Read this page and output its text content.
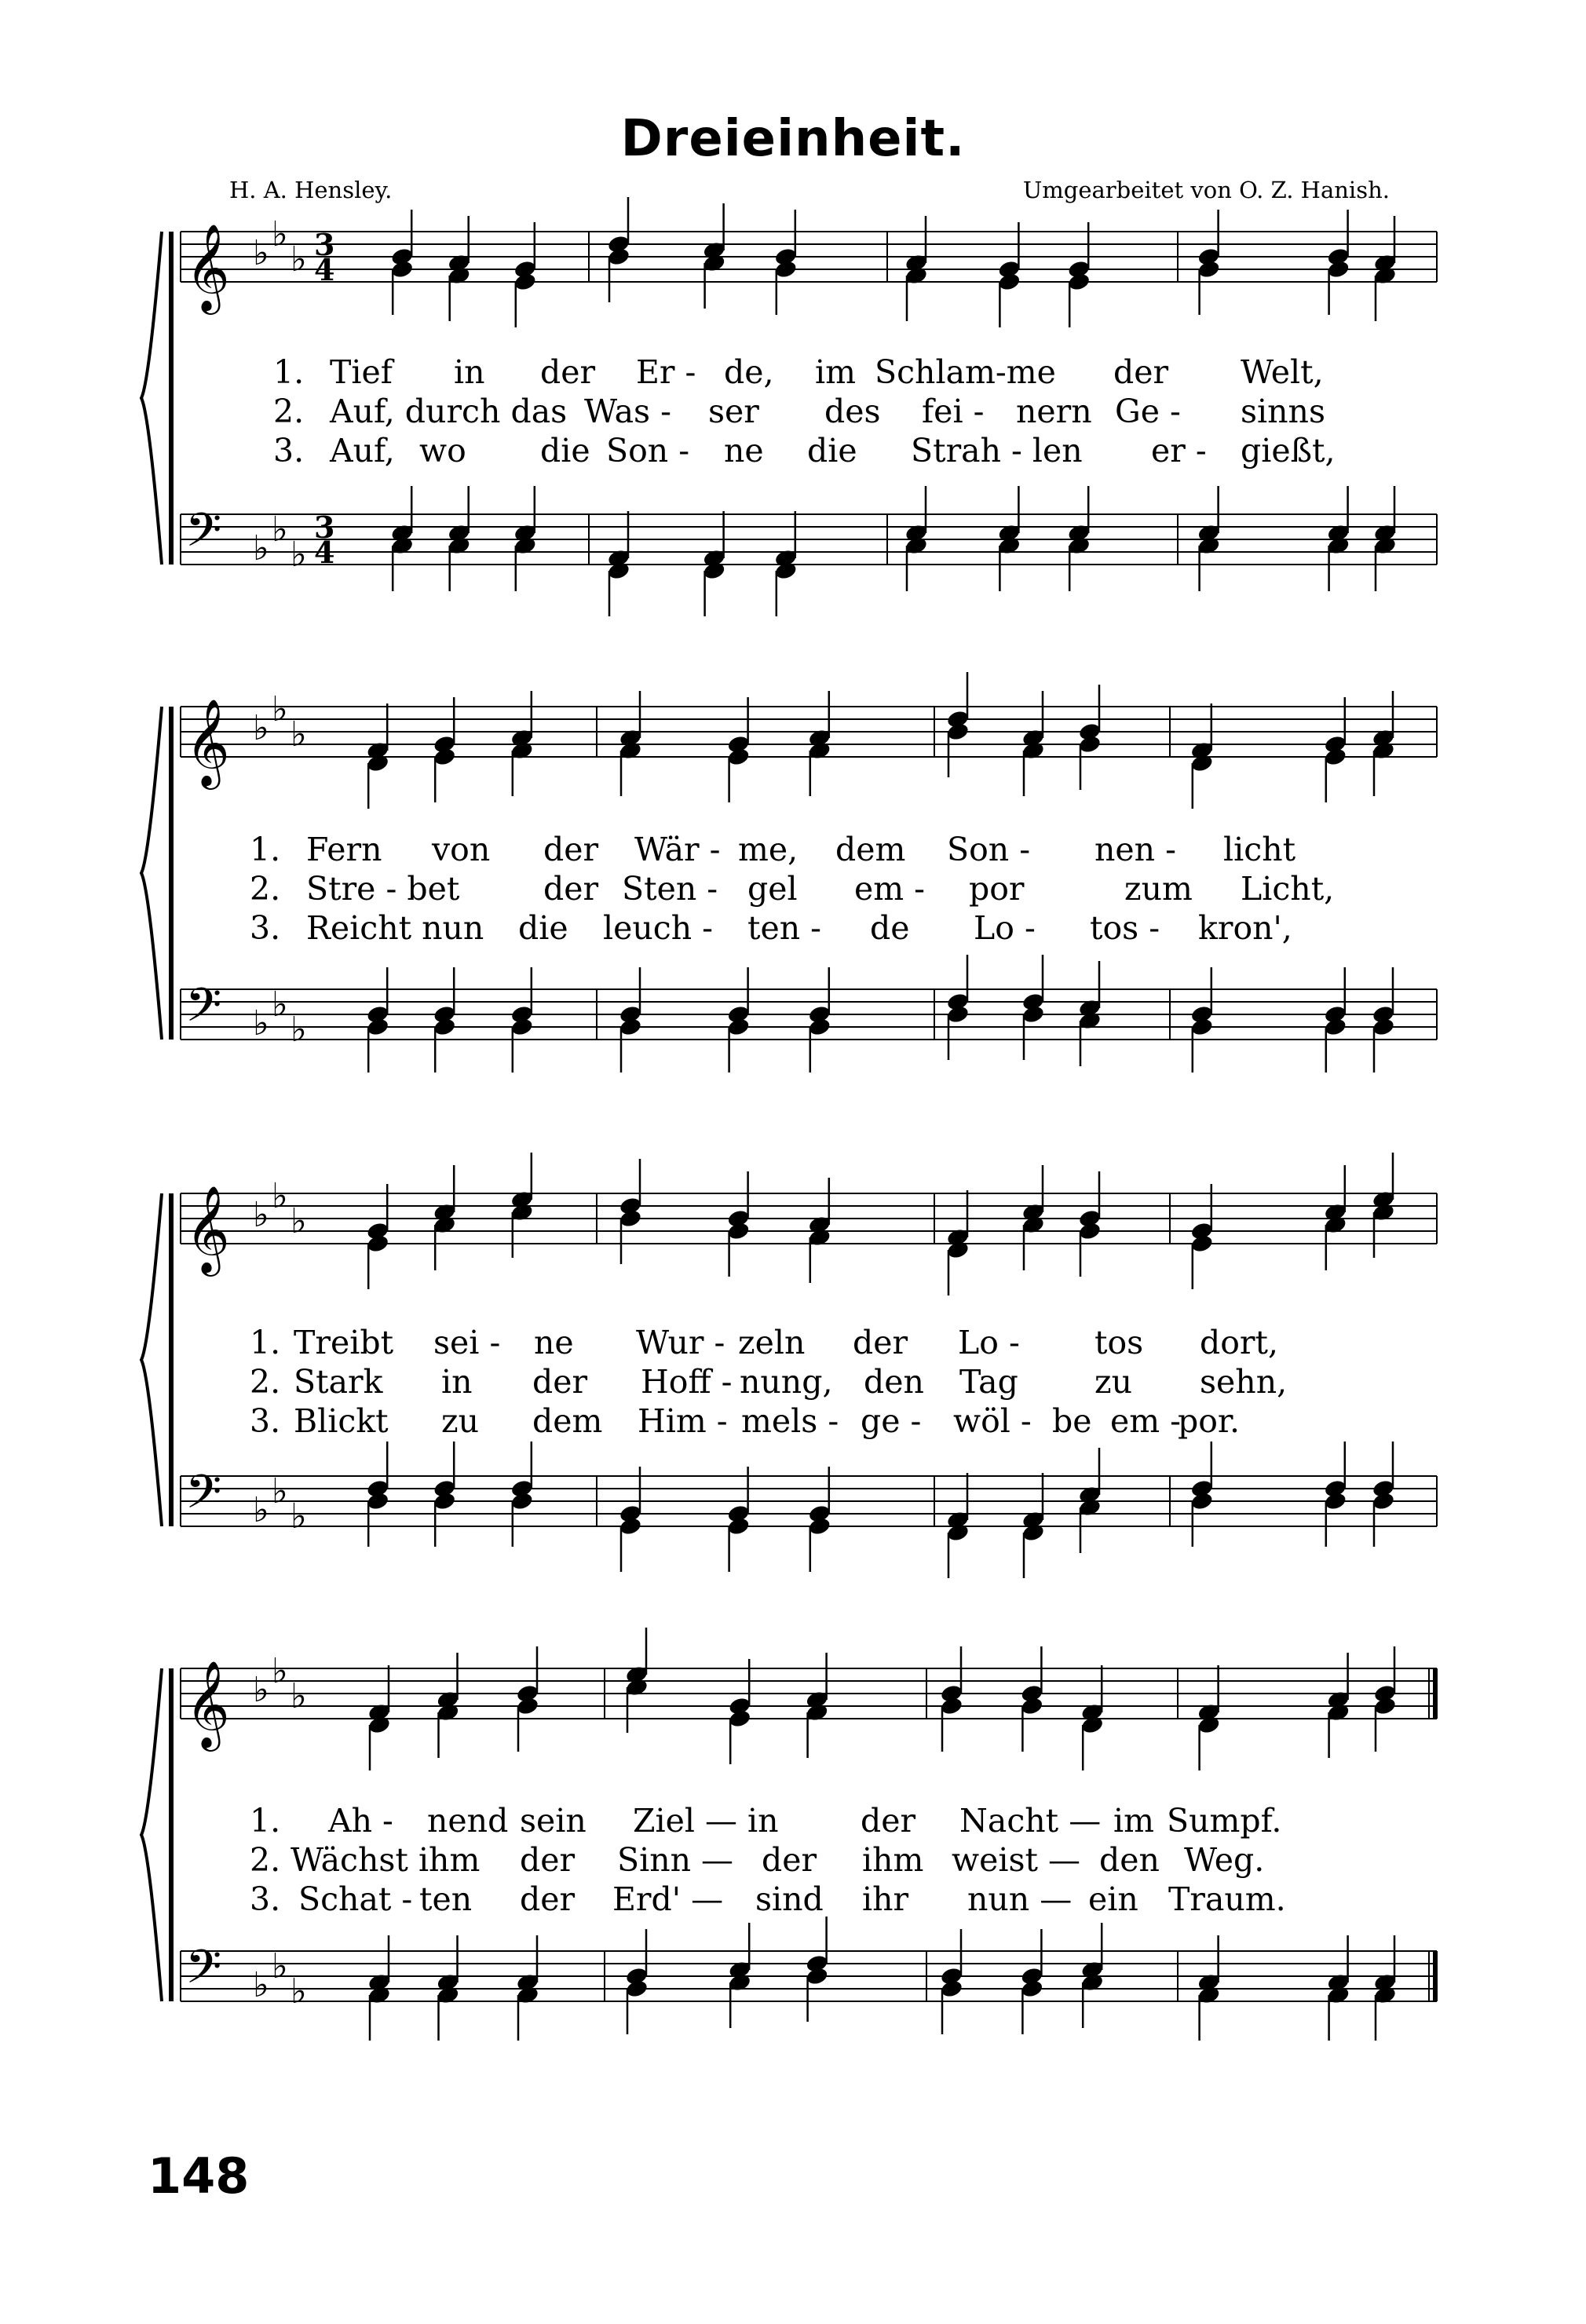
Dreieinheit.
H. A. Hensley.	Umgearbeitet von O. Z. Hanish.
𝄞 ♭ ♭
♭ 3
4
𝄢 ♭ ♭
♭
3
4
1. Tief in der Er - de, im Schlam-me der Welt,
2. Auf, durch das Was - ser des fei - nern Ge - sinns
3. Auf, wo die Son - ne die Strah - len er - gießt,
𝄞 ♭ ♭
♭
𝄢 ♭ ♭
♭
1. Fern von der Wär - me, dem Son - nen - licht
2. Stre - bet	der Sten - gel em - por	zum Licht,
3. Reicht nun die leuch - ten - de Lo - tos - kron',
𝄞 ♭ ♭
♭
𝄢 ♭ ♭
♭
1. Treibt sei - ne Wur - zeln der Lo - tos dort,
2. Stark in der Hoff - nung, den Tag zu sehn,
3. Blickt zu dem Him - mels - ge - wöl - be em -
por.
𝄞 ♭ ♭
♭
𝄢 ♭ ♭
♭
1. Ah - nend sein Ziel — in	der Nacht — im Sumpf.
2. Wächst ihm der Sinn — der ihm weist — den Weg.
3. Schat - ten der Erd' — sind ihr nun — ein Traum.
148
